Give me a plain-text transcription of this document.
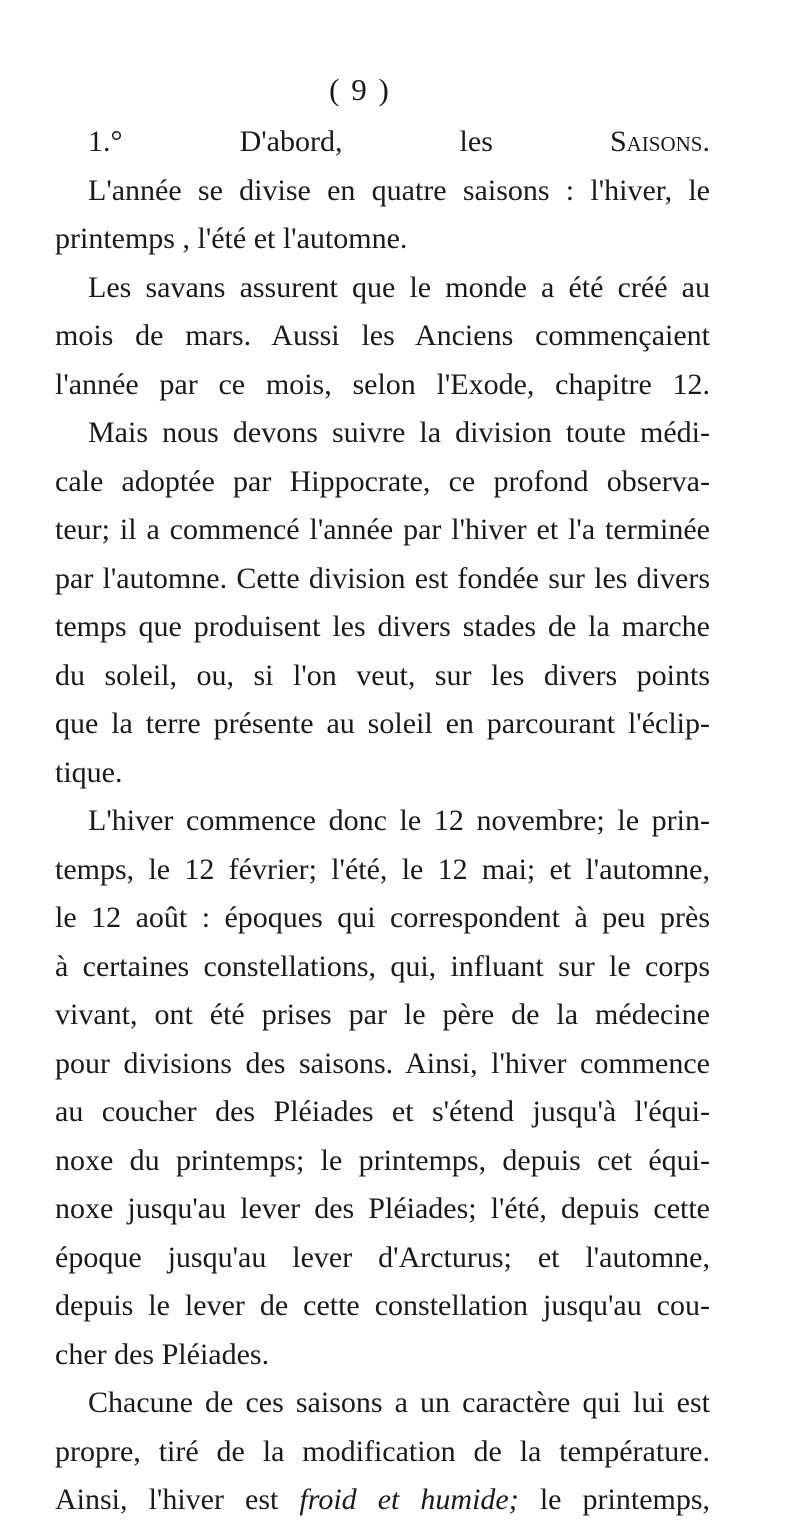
( 9 )
1.° D'abord, les Saisons.
L'année se divise en quatre saisons : l'hiver, le
printemps , l'été et l'automne.
Les savans assurent que le monde a été créé au
mois de mars. Aussi les Anciens commençaient
l'année par ce mois, selon l'Exode, chapitre 12.
Mais nous devons suivre la division toute médi-
cale adoptée par Hippocrate, ce profond observa-
teur; il a commencé l'année par l'hiver et l'a terminée
par l'automne. Cette division est fondée sur les divers
temps que produisent les divers stades de la marche
du soleil, ou, si l'on veut, sur les divers points
que la terre présente au soleil en parcourant l'éclip-
tique.
L'hiver commence donc le 12 novembre; le prin-
temps, le 12 février; l'été, le 12 mai; et l'automne,
le 12 août : époques qui correspondent à peu près
à certaines constellations, qui, influant sur le corps
vivant, ont été prises par le père de la médecine
pour divisions des saisons. Ainsi, l'hiver commence
au coucher des Pléiades et s'étend jusqu'à l'équi-
noxe du printemps; le printemps, depuis cet équi-
noxe jusqu'au lever des Pléiades; l'été, depuis cette
époque jusqu'au lever d'Arcturus; et l'automne,
depuis le lever de cette constellation jusqu'au cou-
cher des Pléiades.
Chacune de ces saisons a un caractère qui lui est
propre, tiré de la modification de la température.
Ainsi, l'hiver est froid et humide; le printemps,
